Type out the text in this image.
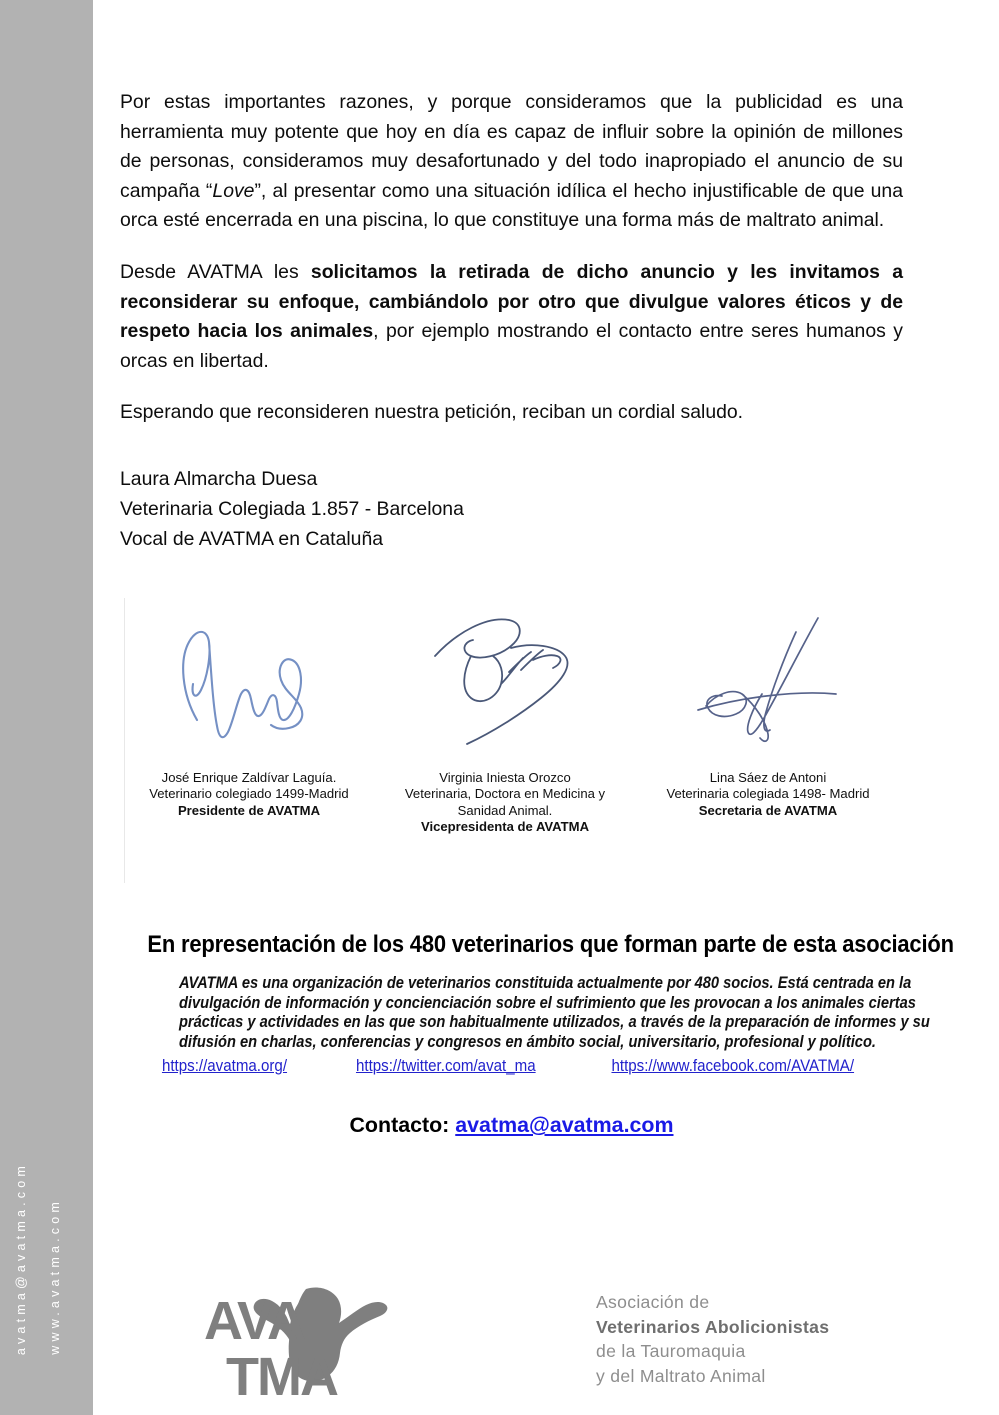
avatma@avatma.com www.avatma.com

Por estas importantes razones, y porque consideramos que la publicidad es una herramienta muy potente que hoy en día es capaz de influir sobre la opinión de millones de personas, consideramos muy desafortunado y del todo inapropiado el anuncio de su campaña “Love”, al presentar como una situación idílica el hecho injustificable de que una orca esté encerrada en una piscina, lo que constituye una forma más de maltrato animal.

Desde AVATMA les solicitamos la retirada de dicho anuncio y les invitamos a reconsiderar su enfoque, cambiándolo por otro que divulgue valores éticos y de respeto hacia los animales, por ejemplo mostrando el contacto entre seres humanos y orcas en libertad.

Esperando que reconsideren nuestra petición, reciban un cordial saludo.

Laura Almarcha Duesa
Veterinaria Colegiada 1.857 - Barcelona
Vocal de AVATMA en Cataluña
José Enrique Zaldívar Laguía.
Veterinario colegiado 1499-Madrid
Presidente de AVATMA
Virginia Iniesta Orozco
Veterinaria, Doctora en Medicina y
Sanidad Animal.
Vicepresidenta de AVATMA
Lina Sáez de Antoni
Veterinaria colegiada 1498- Madrid
Secretaria de AVATMA
En representación de los 480 veterinarios que forman parte de esta asociación
AVATMA es una organización de veterinarios constituida actualmente por 480 socios. Está centrada en la
divulgación de información y concienciación sobre el sufrimiento que les provocan a los animales ciertas
prácticas y actividades en las que son habitualmente utilizados, a través de la preparación de informes y su
difusión en charlas, conferencias y congresos en ámbito social, universitario, profesional y político.
https://avatma.org/	https://twitter.com/avat_ma	https://www.facebook.com/AVATMA/
Contacto: avatma@avatma.com
AVA
TMA
Asociación de
Veterinarios Abolicionistas
de la Tauromaquia
y del Maltrato Animal
